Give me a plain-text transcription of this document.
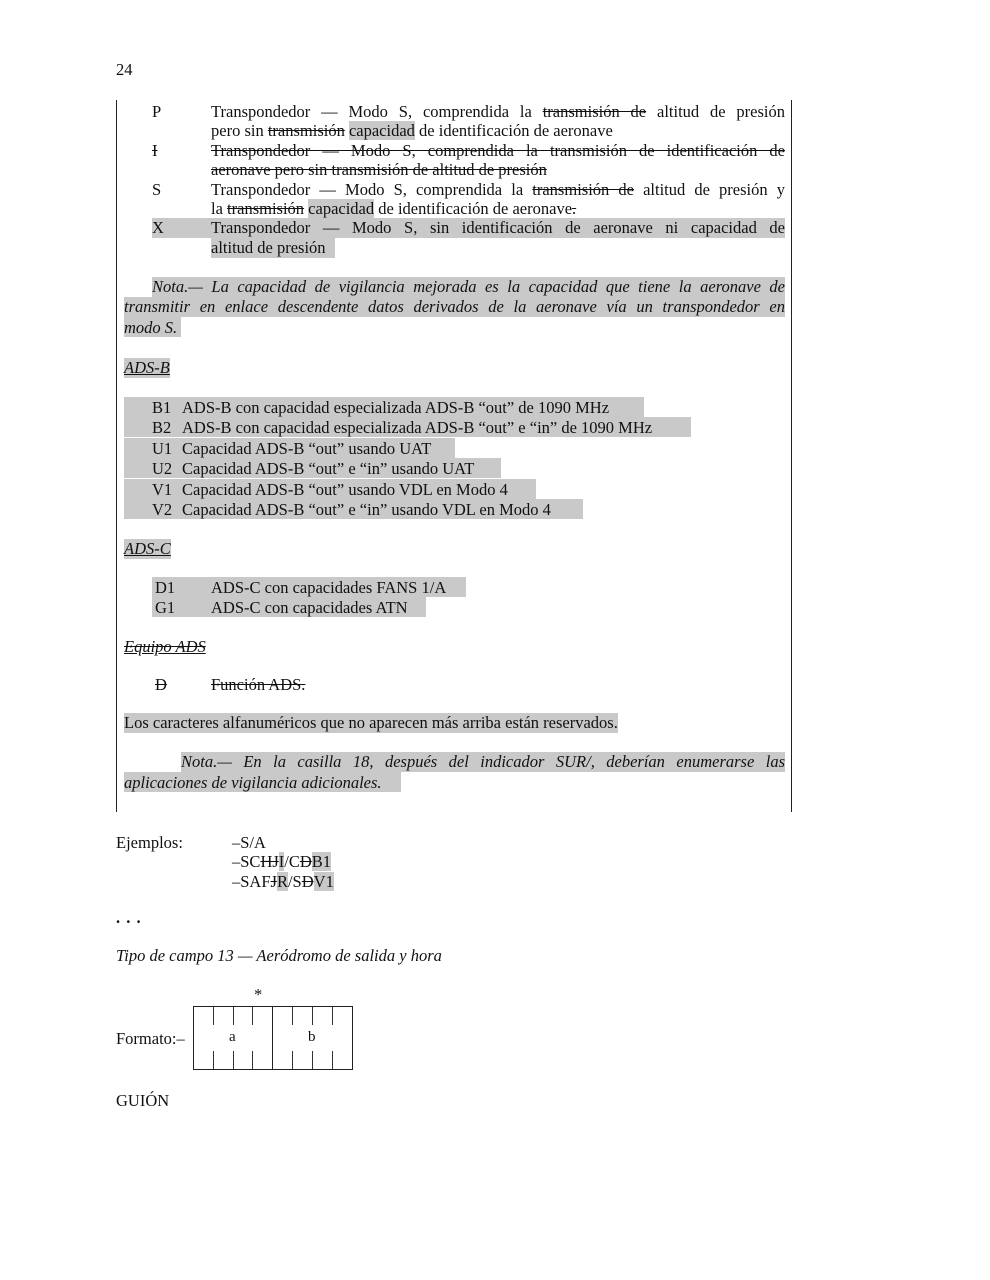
24
P	Transpondedor — Modo S, comprendida la transmisión de altitud de presión
pero sin transmisión capacidad de identificación de aeronave
I	Transpondedor — Modo S, comprendida la transmisión de identificación de
aeronave pero sin transmisión de altitud de presión
S	Transpondedor — Modo S, comprendida la transmisión de altitud de presión y
la transmisión capacidad de identificación de aeronave.
X	Transpondedor — Modo S, sin identificación de aeronave ni capacidad de
altitud de presión
Nota.— La capacidad de vigilancia mejorada es la capacidad que tiene la aeronave de
transmitir en enlace descendente datos derivados de la aeronave vía un transpondedor en
modo S.
ADS-B
B1 ADS-B con capacidad especializada ADS-B “out” de 1090 MHz
B2 ADS-B con capacidad especializada ADS-B “out” e “in” de 1090 MHz
U1 Capacidad ADS-B “out” usando UAT
U2 Capacidad ADS-B “out” e “in” usando UAT
V1 Capacidad ADS-B “out” usando VDL en Modo 4
V2 Capacidad ADS-B “out” e “in” usando VDL en Modo 4
ADS-C
D1 ADS-C con capacidades FANS 1/A
G1 ADS-C con capacidades ATN
Equipo ADS
D	Función ADS.
Los caracteres alfanuméricos que no aparecen más arriba están reservados.
Nota.— En la casilla 18, después del indicador SUR/, deberían enumerarse las
aplicaciones de vigilancia adicionales.
Ejemplos:	–S/A
–SCHJI/CDB1
–SAFJR/SDV1
. . .
Tipo de campo 13 — Aeródromo de salida y hora
*
Formato:–	a	b
GUIÓN
